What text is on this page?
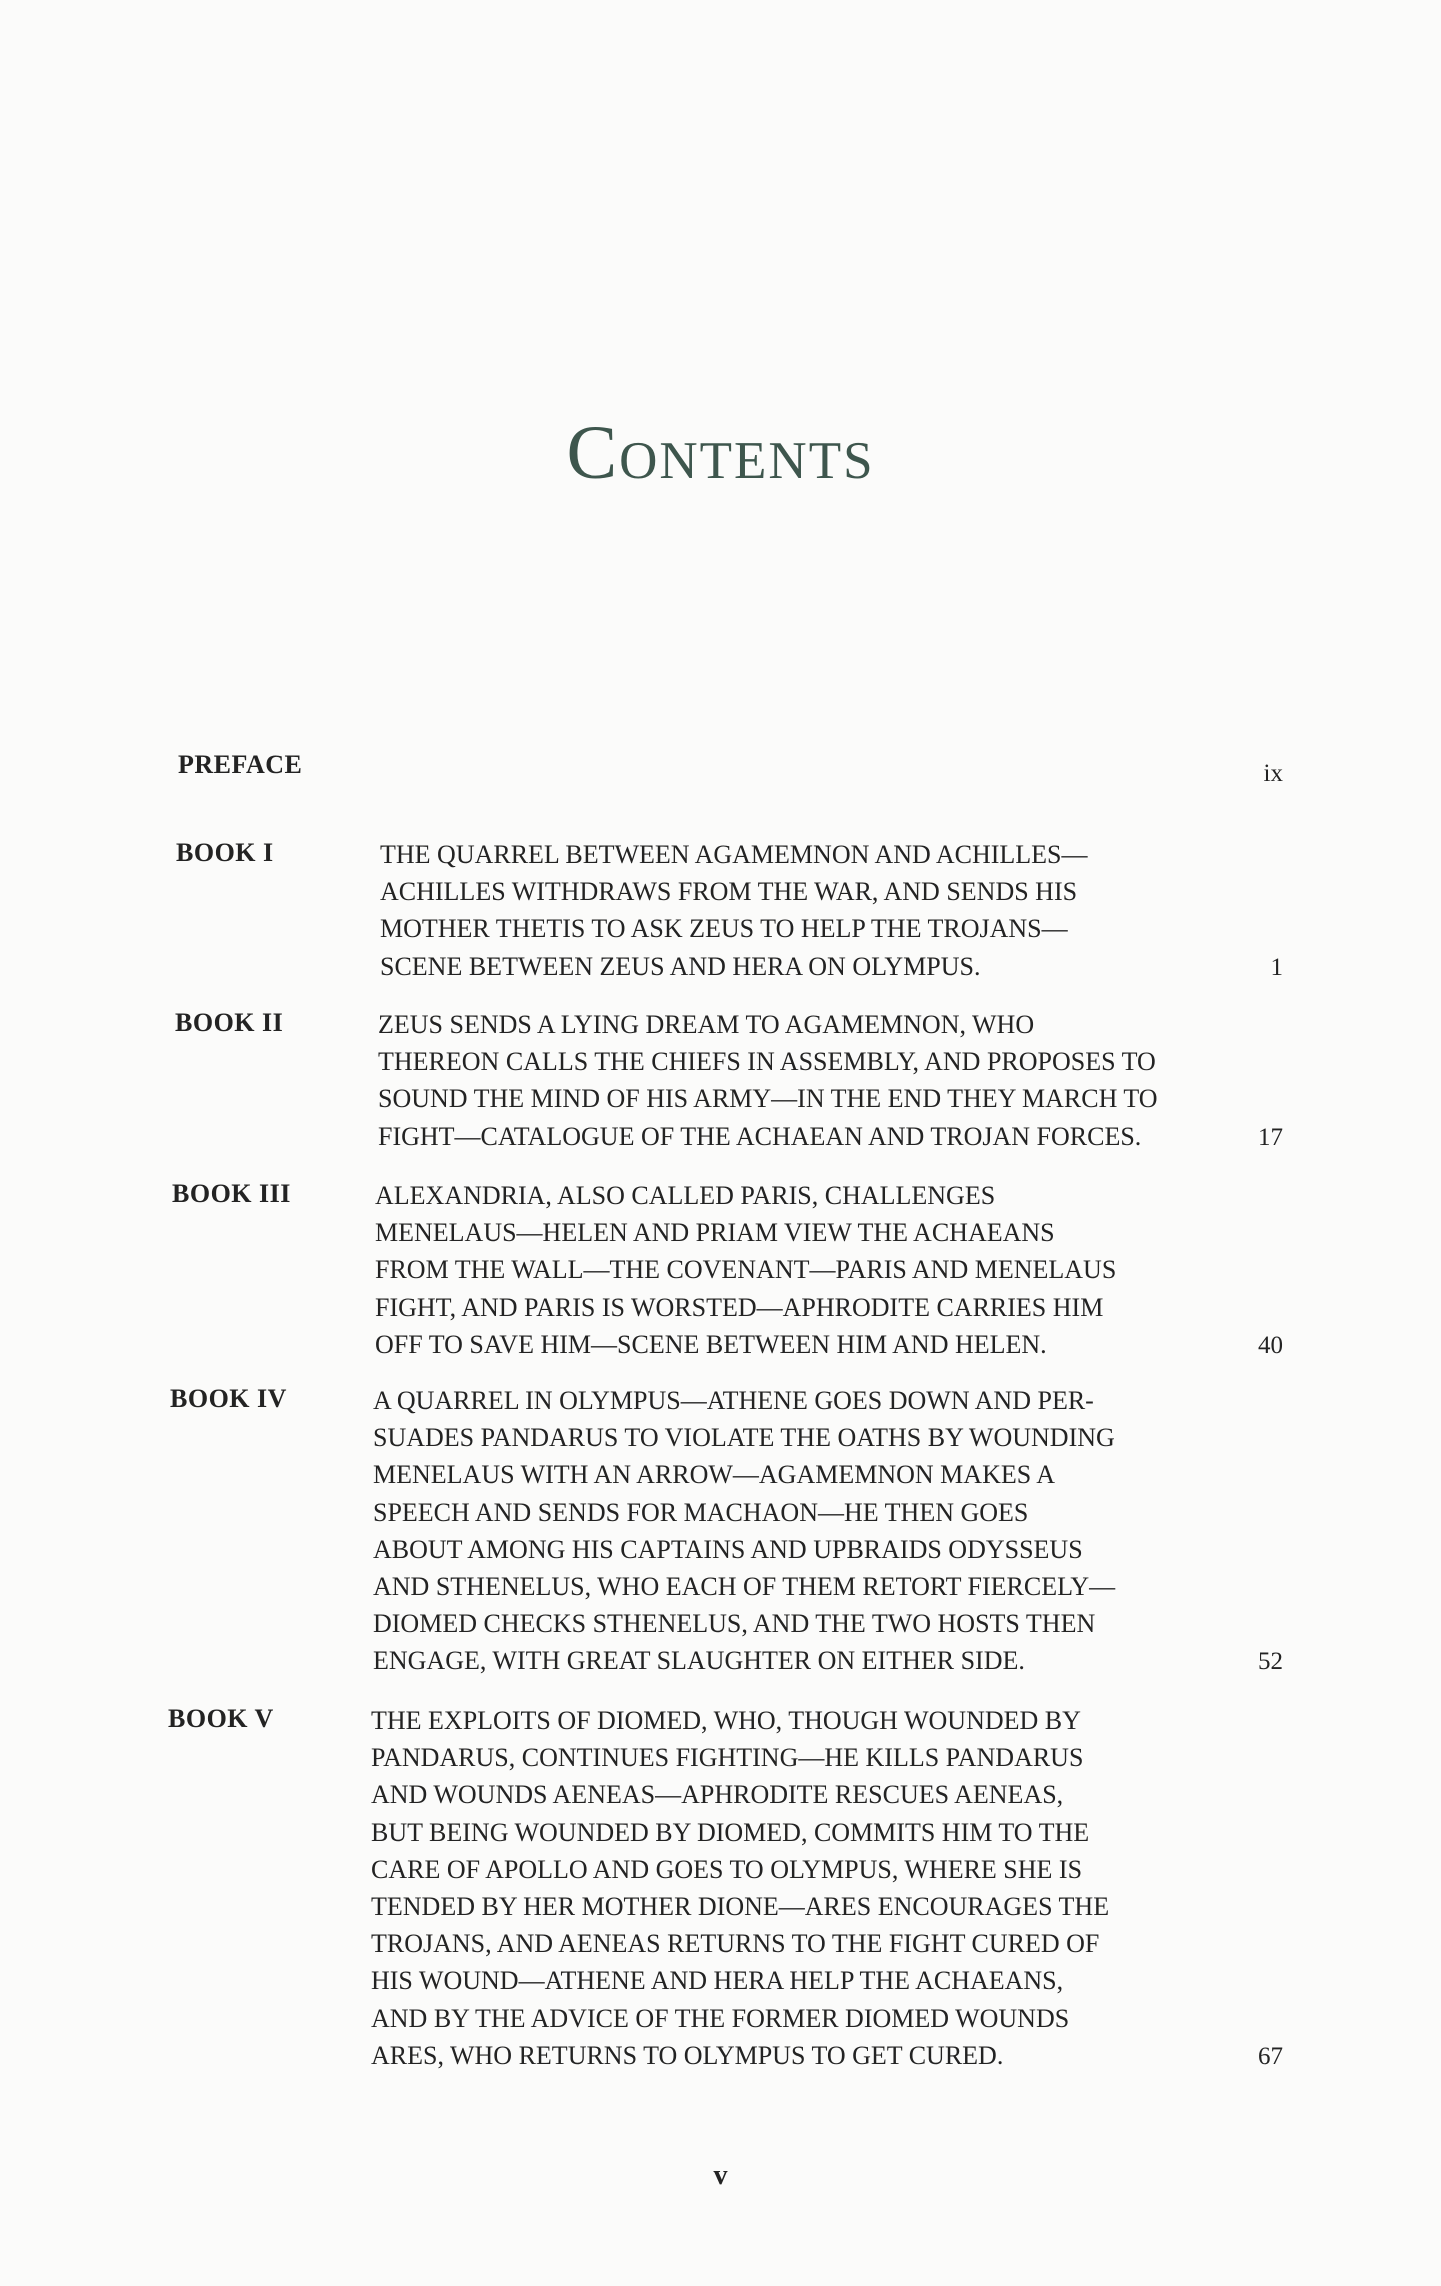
Contents
PREFACE	ix
BOOK I	THE QUARREL BETWEEN AGAMEMNON AND ACHILLES—
ACHILLES WITHDRAWS FROM THE WAR, AND SENDS HIS
MOTHER THETIS TO ASK ZEUS TO HELP THE TROJANS—
SCENE BETWEEN ZEUS AND HERA ON OLYMPUS.	1
BOOK II	ZEUS SENDS A LYING DREAM TO AGAMEMNON, WHO
THEREON CALLS THE CHIEFS IN ASSEMBLY, AND PROPOSES TO
SOUND THE MIND OF HIS ARMY—IN THE END THEY MARCH TO
FIGHT—CATALOGUE OF THE ACHAEAN AND TROJAN FORCES.	17
BOOK III	ALEXANDRIA, ALSO CALLED PARIS, CHALLENGES
MENELAUS—HELEN AND PRIAM VIEW THE ACHAEANS
FROM THE WALL—THE COVENANT—PARIS AND MENELAUS
FIGHT, AND PARIS IS WORSTED—APHRODITE CARRIES HIM
OFF TO SAVE HIM—SCENE BETWEEN HIM AND HELEN.	40
BOOK IV	A QUARREL IN OLYMPUS—ATHENE GOES DOWN AND PER-
SUADES PANDARUS TO VIOLATE THE OATHS BY WOUNDING
MENELAUS WITH AN ARROW—AGAMEMNON MAKES A
SPEECH AND SENDS FOR MACHAON—HE THEN GOES
ABOUT AMONG HIS CAPTAINS AND UPBRAIDS ODYSSEUS
AND STHENELUS, WHO EACH OF THEM RETORT FIERCELY—
DIOMED CHECKS STHENELUS, AND THE TWO HOSTS THEN
ENGAGE, WITH GREAT SLAUGHTER ON EITHER SIDE.	52
BOOK V	THE EXPLOITS OF DIOMED, WHO, THOUGH WOUNDED BY
PANDARUS, CONTINUES FIGHTING—HE KILLS PANDARUS
AND WOUNDS AENEAS—APHRODITE RESCUES AENEAS,
BUT BEING WOUNDED BY DIOMED, COMMITS HIM TO THE
CARE OF APOLLO AND GOES TO OLYMPUS, WHERE SHE IS
TENDED BY HER MOTHER DIONE—ARES ENCOURAGES THE
TROJANS, AND AENEAS RETURNS TO THE FIGHT CURED OF
HIS WOUND—ATHENE AND HERA HELP THE ACHAEANS,
AND BY THE ADVICE OF THE FORMER DIOMED WOUNDS
ARES, WHO RETURNS TO OLYMPUS TO GET CURED.	67
v
